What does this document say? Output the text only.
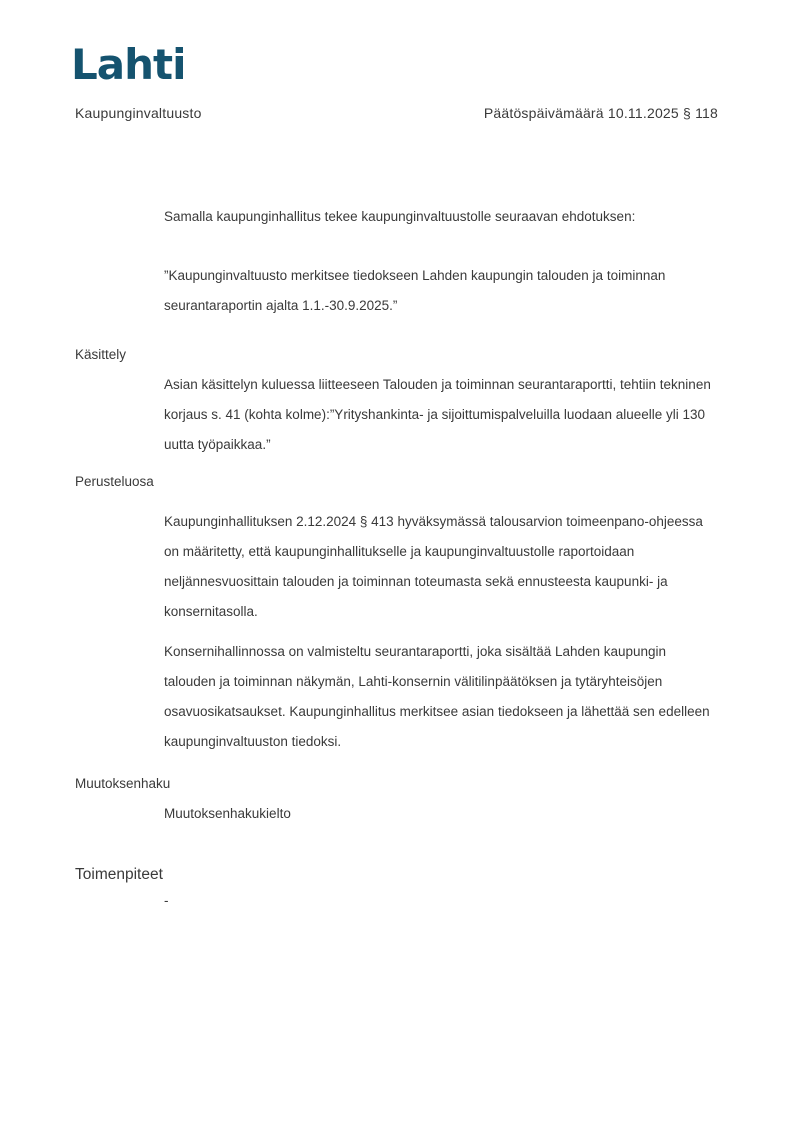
Lahti
Kaupunginvaltuusto	Päätöspäivämäärä 10.11.2025 § 118

Samalla kaupunginhallitus tekee kaupunginvaltuustolle seuraavan ehdotuksen:

”Kaupunginvaltuusto merkitsee tiedokseen Lahden kaupungin talouden ja toiminnan seurantaraportin ajalta 1.1.-30.9.2025.”

Käsittely

Asian käsittelyn kuluessa liitteeseen Talouden ja toiminnan seurantaraportti, tehtiin tekninen korjaus s. 41 (kohta kolme):”Yrityshankinta- ja sijoittumispalveluilla luodaan alueelle yli 130 uutta työpaikkaa.”

Perusteluosa

Kaupunginhallituksen 2.12.2024 § 413 hyväksymässä talousarvion toimeenpano-ohjeessa on määritetty, että kaupunginhallitukselle ja kaupunginvaltuustolle raportoidaan neljännesvuosittain talouden ja toiminnan toteumasta sekä ennusteesta kaupunki- ja konsernitasolla.

Konsernihallinnossa on valmisteltu seurantaraportti, joka sisältää Lahden kaupungin talouden ja toiminnan näkymän, Lahti-konsernin välitilinpäätöksen ja tytäryhteisöjen osavuosikatsaukset. Kaupunginhallitus merkitsee asian tiedokseen ja lähettää sen edelleen kaupunginvaltuuston tiedoksi.

Muutoksenhaku

Muutoksenhakukielto

Toimenpiteet

-
